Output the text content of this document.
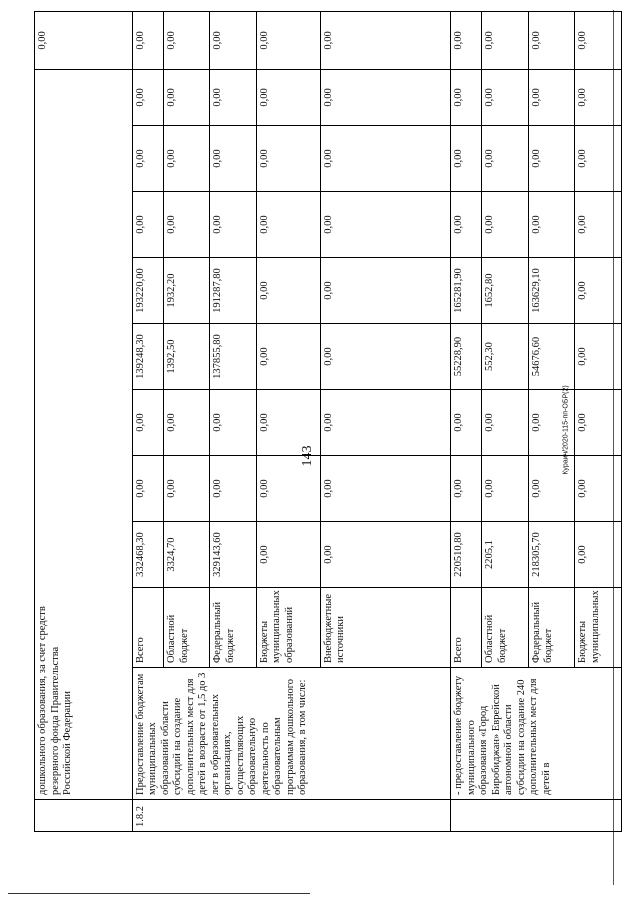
143	Кураич/2020-115-пп-ОБР(2)
	дошкольного образования, за счет средств резервного фонда Правительства Российской Федерации										0,00
1.8.2	Предоставление бюджетам муниципальных образований области субсидий на создание дополнительных мест для детей в возрасте от 1,5 до 3 лет в образовательных организациях, осуществляющих образовательную деятельность по образовательным программам дошкольного образования, в том числе:	Всего	332468,30	0,00	0,00	139248,30	193220,00	0,00	0,00	0,00	0,00
		Областной бюджет	3324,70	0,00	0,00	1392,50	1932,20	0,00	0,00	0,00	0,00
		Федеральный бюджет	329143,60	0,00	0,00	137855,80	191287,80	0,00	0,00	0,00	0,00
		Бюджеты муниципальных образований	0,00	0,00	0,00	0,00	0,00	0,00	0,00	0,00	0,00
		Внебюджетные источники	0,00	0,00	0,00	0,00	0,00	0,00	0,00	0,00	0,00
	- предоставление бюджету муниципального образования «Город Биробиджан» Еврейской автономной области субсидии на создание 240 дополнительных мест для детей в	Всего	220510,80	0,00	0,00	55228,90	165281,90	0,00	0,00	0,00	0,00
		Областной бюджет	2205,1	0,00	0,00	552,30	1652,80	0,00	0,00	0,00	0,00
		Федеральный бюджет	218305,70	0,00	0,00	54676,60	163629,10	0,00	0,00	0,00	0,00
		Бюджеты муниципальных	0,00	0,00	0,00	0,00	0,00	0,00	0,00	0,00	0,00
